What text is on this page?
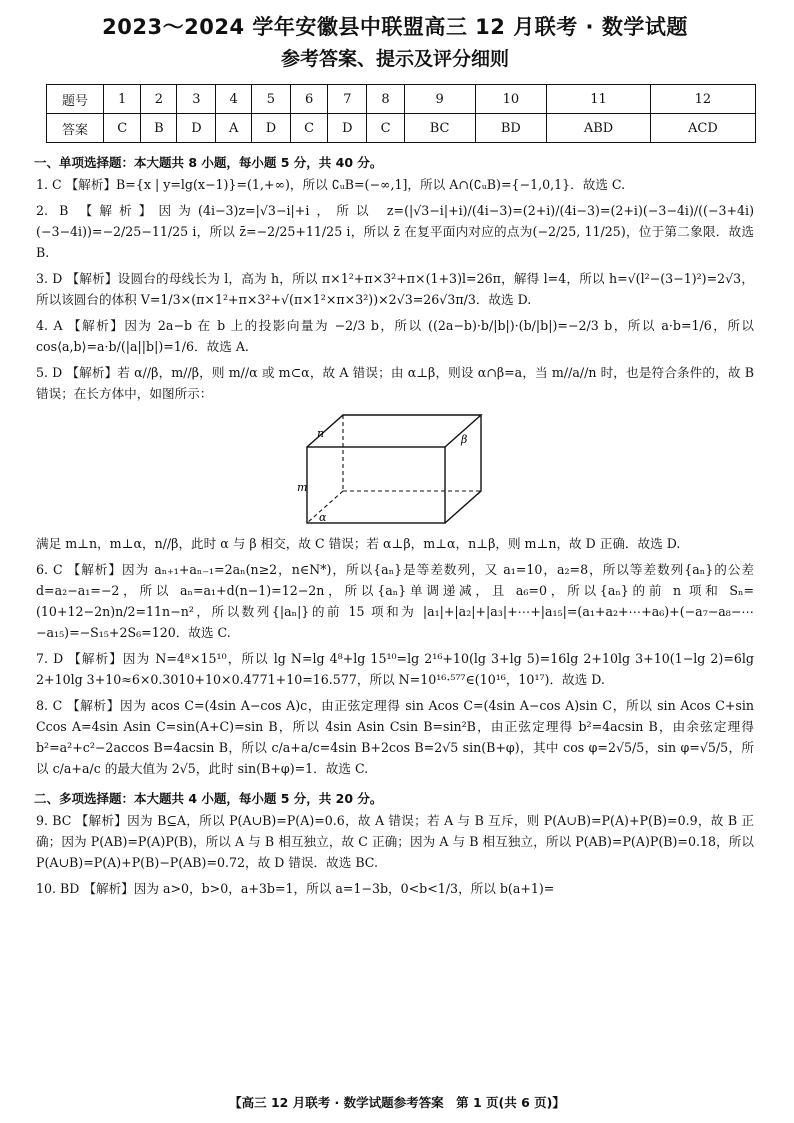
2023～2024 学年安徽县中联盟高三 12 月联考 · 数学试题
参考答案、提示及评分细则
题号	1	2	3	4	5	6	7	8	9	10	11	12
答案	C	B	D	A	D	C	D	C	BC	BD	ABD	ACD
一、单项选择题：本大题共 8 小题，每小题 5 分，共 40 分。

1. C 【解析】B={x | y=lg(x−1)}=(1,+∞)，所以 ∁ᵤB=(−∞,1]，所以 A∩(∁ᵤB)={−1,0,1}．故选 C.

2. B 【解析】因为(4i−3)z=|√3−i|+i，所以 z=(|√3−i|+i)/(4i−3)=(2+i)/(4i−3)=(2+i)(−3−4i)/((−3+4i)(−3−4i))=−2/25−11/25 i，所以 z̄=−2/25+11/25 i，所以 z̄ 在复平面内对应的点为(−2/25, 11/25)，位于第二象限．故选 B.

3. D 【解析】设圆台的母线长为 l，高为 h，所以 π×1²+π×3²+π×(1+3)l=26π，解得 l=4，所以 h=√(l²−(3−1)²)=2√3，所以该圆台的体积 V=1/3×(π×1²+π×3²+√(π×1²×π×3²))×2√3=26√3π/3．故选 D.

4. A 【解析】因为 2a−b 在 b 上的投影向量为 −2/3 b，所以 ((2a−b)·b/|b|)·(b/|b|)=−2/3 b，所以 a·b=1/6，所以 cos⟨a,b⟩=a·b/(|a||b|)=1/6．故选 A.

5. D 【解析】若 α//β，m//β，则 m//α 或 m⊂α，故 A 错误；由 α⊥β，则设 α∩β=a，当 m//a//n 时，也是符合条件的，故 B 错误；在长方体中，如图所示：

n
m
α
β

满足 m⊥n，m⊥α，n//β，此时 α 与 β 相交，故 C 错误；若 α⊥β，m⊥α，n⊥β，则 m⊥n，故 D 正确．故选 D.

6. C 【解析】因为 aₙ₊₁+aₙ₋₁=2aₙ(n≥2，n∈N*)，所以{aₙ}是等差数列，又 a₁=10，a₂=8，所以等差数列{aₙ}的公差 d=a₂−a₁=−2，所以 aₙ=a₁+d(n−1)=12−2n，所以{aₙ}单调递减，且 a₆=0，所以{aₙ}的前 n 项和 Sₙ=(10+12−2n)n/2=11n−n²，所以数列{|aₙ|}的前 15 项和为 |a₁|+|a₂|+|a₃|+⋯+|a₁₅|=(a₁+a₂+⋯+a₆)+(−a₇−a₈−⋯−a₁₅)=−S₁₅+2S₆=120．故选 C.

7. D 【解析】因为 N=4⁸×15¹⁰，所以 lg N=lg 4⁸+lg 15¹⁰=lg 2¹⁶+10(lg 3+lg 5)=16lg 2+10lg 3+10(1−lg 2)=6lg 2+10lg 3+10≈6×0.3010+10×0.4771+10=16.577，所以 N=10¹⁶·⁵⁷⁷∈(10¹⁶，10¹⁷)．故选 D.

8. C 【解析】因为 acos C=(4sin A−cos A)c，由正弦定理得 sin Acos C=(4sin A−cos A)sin C，所以 sin Acos C+sin Ccos A=4sin Asin C=sin(A+C)=sin B，所以 4sin Asin Csin B=sin²B，由正弦定理得 b²=4acsin B，由余弦定理得 b²=a²+c²−2accos B=4acsin B，所以 c/a+a/c=4sin B+2cos B=2√5 sin(B+φ)，其中 cos φ=2√5/5，sin φ=√5/5，所以 c/a+a/c 的最大值为 2√5，此时 sin(B+φ)=1．故选 C.

二、多项选择题：本大题共 4 小题，每小题 5 分，共 20 分。

9. BC 【解析】因为 B⊆A，所以 P(A∪B)=P(A)=0.6，故 A 错误；若 A 与 B 互斥，则 P(A∪B)=P(A)+P(B)=0.9，故 B 正确；因为 P(AB)=P(A)P(B)，所以 A 与 B 相互独立，故 C 正确；因为 A 与 B 相互独立，所以 P(AB)=P(A)P(B)=0.18，所以 P(A∪B)=P(A)+P(B)−P(AB)=0.72，故 D 错误．故选 BC.

10. BD 【解析】因为 a>0，b>0，a+3b=1，所以 a=1−3b，0<b<1/3，所以 b(a+1)=

【高三 12 月联考 · 数学试题参考答案　第 1 页(共 6 页)】
